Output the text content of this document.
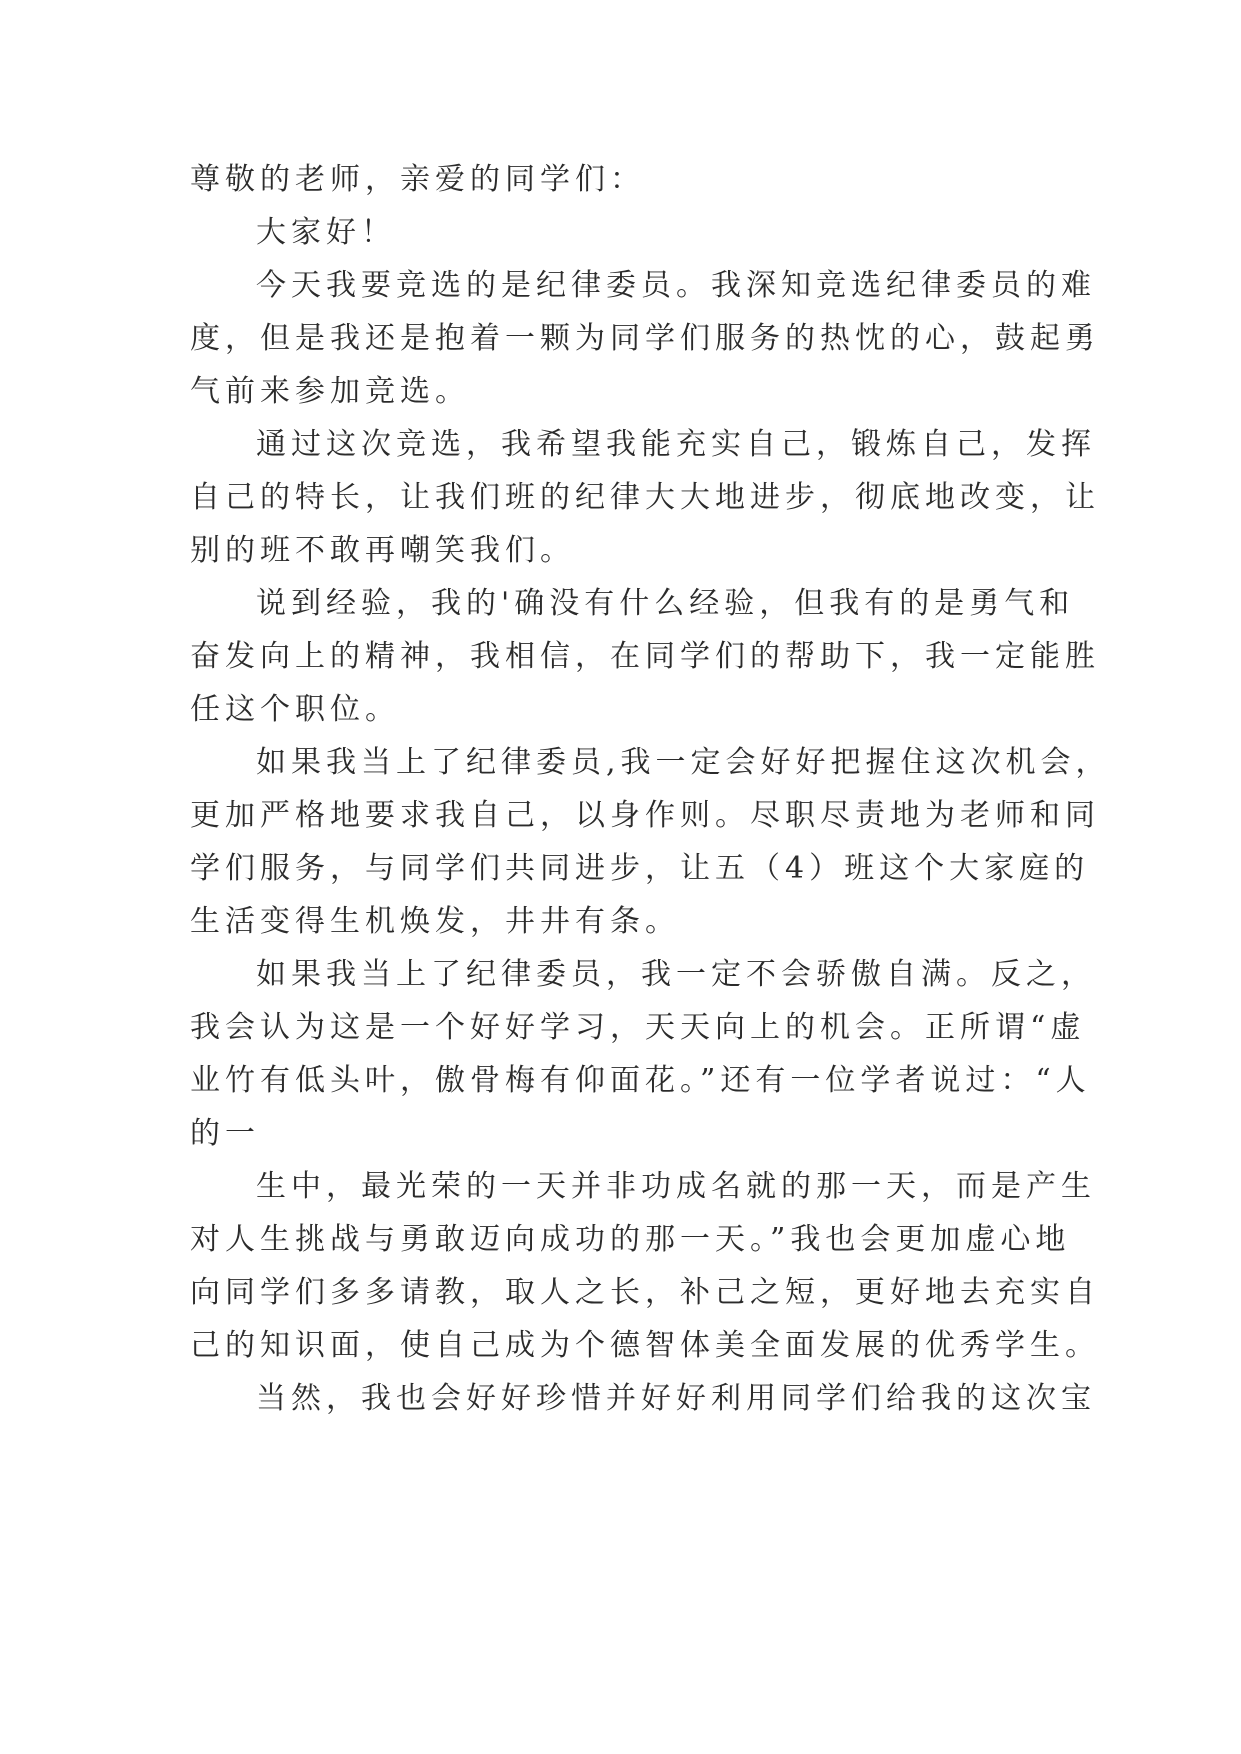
尊敬的老师，亲爱的同学们：
大家好！
今天我要竞选的是纪律委员。我深知竞选纪律委员的难
度，但是我还是抱着一颗为同学们服务的热忱的心，鼓起勇
气前来参加竞选。
通过这次竞选，我希望我能充实自己，锻炼自己，发挥
自己的特长，让我们班的纪律大大地进步，彻底地改变，让
别的班不敢再嘲笑我们。
说到经验，我的'确没有什么经验，但我有的是勇气和
奋发向上的精神，我相信，在同学们的帮助下，我一定能胜
任这个职位。
如果我当上了纪律委员,我一定会好好把握住这次机会，
更加严格地要求我自己，以身作则。尽职尽责地为老师和同
学们服务，与同学们共同进步，让五（4）班这个大家庭的
生活变得生机焕发，井井有条。
如果我当上了纪律委员，我一定不会骄傲自满。反之，
我会认为这是一个好好学习，天天向上的机会。正所谓“虚
业竹有低头叶，傲骨梅有仰面花。”还有一位学者说过：“人
的一
生中，最光荣的一天并非功成名就的那一天，而是产生
对人生挑战与勇敢迈向成功的那一天。”我也会更加虚心地
向同学们多多请教，取人之长，补己之短，更好地去充实自
己的知识面，使自己成为个德智体美全面发展的优秀学生。
当然，我也会好好珍惜并好好利用同学们给我的这次宝
